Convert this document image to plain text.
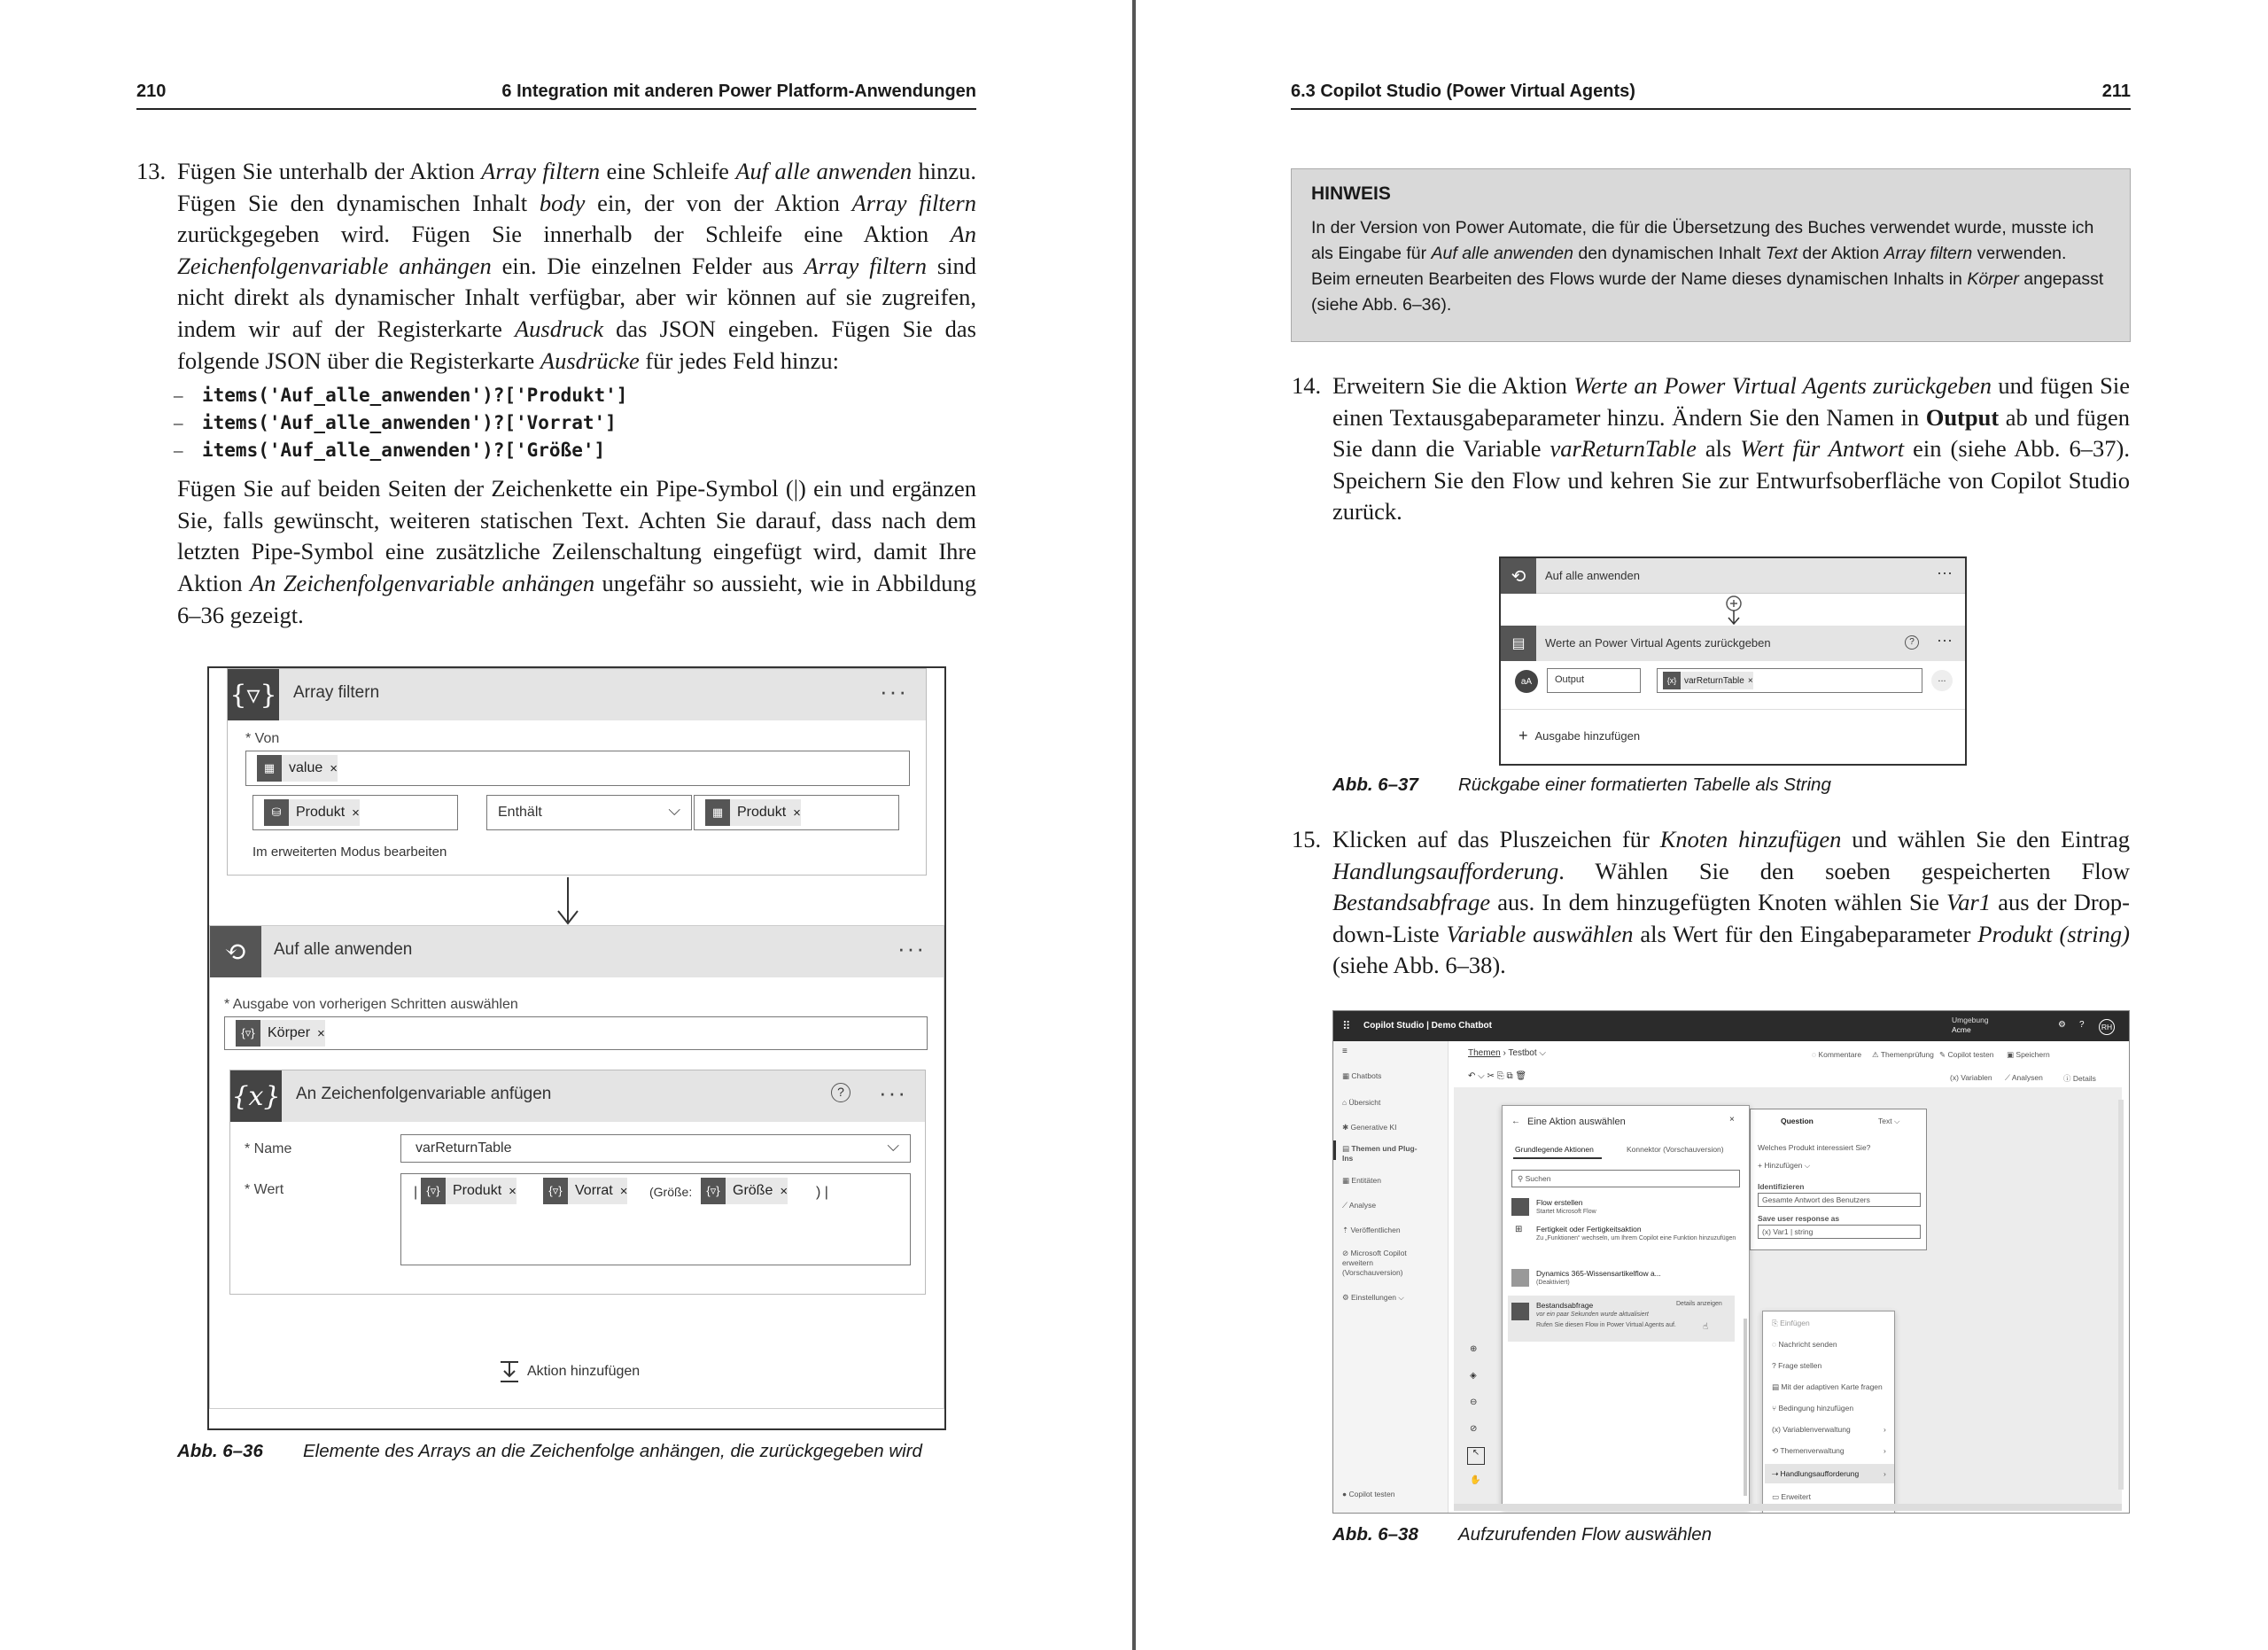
210	6 Integration mit anderen Power Platform-Anwendungen
13. Fügen Sie unterhalb der Aktion Array filtern eine Schleife Auf alle anwenden hinzu. Fügen Sie den dynamischen Inhalt body ein, der von der Aktion Array filtern zurückgegeben wird. Fügen Sie innerhalb der Schleife eine Aktion An Zeichenfolgenvariable anhängen ein. Die einzelnen Felder aus Array filtern sind nicht direkt als dynamischer Inhalt verfügbar, aber wir können auf sie zugreifen, indem wir auf der Registerkarte Ausdruck das JSON eingeben. Fügen Sie das folgende JSON über die Registerkarte Ausdrücke für jedes Feld hinzu:

– items('Auf_alle_anwenden')?['Produkt']
– items('Auf_alle_anwenden')?['Vorrat']
– items('Auf_alle_anwenden')?['Größe']

Fügen Sie auf beiden Seiten der Zeichenkette ein Pipe-Symbol (|) ein und ergänzen Sie, falls gewünscht, weiteren statischen Text. Achten Sie darauf, dass nach dem letzten Pipe-Symbol eine zusätzliche Zeilenschaltung eingefügt wird, damit Ihre Aktion An Zeichenfolgenvariable anhängen ungefähr so aussieht, wie in Abbildung 6–36 gezeigt.

{▿} Array filtern	···
* Von
▦ value ×
⛁	Produkt ×	Enthält	⌵	▦ Produkt ×
Im erweiterten Modus bearbeiten
⟲	Auf alle anwenden	···
* Ausgabe von vorherigen Schritten auswählen
{▿} Körper ×
{x} An Zeichenfolgenvariable anfügen	? ···
* Name	varReturnTable	⌵
* Wert	| {▿} Produkt ×	{▿} Vorrat × (Größe:	{▿} Größe × ) |
Aktion hinzufügen
Abb. 6–36 Elemente des Arrays an die Zeichenfolge anhängen, die zurückgegeben wird
6.3 Copilot Studio (Power Virtual Agents)	211
HINWEIS

In der Version von Power Automate, die für die Übersetzung des Buches verwendet wurde, musste ich als Eingabe für Auf alle anwenden den dynamischen Inhalt Text der Aktion Array filtern verwenden. Beim erneuten Bearbeiten des Flows wurde der Name dieses dynamischen Inhalts in Körper angepasst (siehe Abb. 6–36).

14. Erweitern Sie die Aktion Werte an Power Virtual Agents zurückgeben und fügen Sie einen Textausgabeparameter hinzu. Ändern Sie den Namen in Output ab und fügen Sie dann die Variable varReturnTable als Wert für Antwort ein (siehe Abb. 6–37). Speichern Sie den Flow und kehren Sie zur Entwurfsoberfläche von Copilot Studio zurück.

⟲	Auf alle anwenden	···
▤	Werte an Power Virtual Agents zurückgeben	? ···
aA	Output	{x} varReturnTable ×	...
+ Ausgabe hinzufügen
Abb. 6–37 Rückgabe einer formatierten Tabelle als String
15. Klicken auf das Pluszeichen für Knoten hinzufügen und wählen Sie den Eintrag Handlungsaufforderung. Wählen Sie den soeben gespeicherten Flow Bestandsabfrage aus. In dem hinzugefügten Knoten wählen Sie Var1 aus der Drop-down-Liste Variable auswählen als Wert für den Eingabeparameter Produkt (string) (siehe Abb. 6–38).

⠿ Copilot Studio | Demo Chatbot
Umgebung
Acme	⚙ ?	RH
≡
▦ Chatbots
⌂ Übersicht
✱ Generative KI
▤ Themen und Plug-Ins
▦ Entitäten
⟋ Analyse
⇡ Veröffentlichen
⊘ Microsoft Copilot erweitern (Vorschauversion)
⚙ Einstellungen ⌵
● Copilot testen
Themen › Testbot ⌵	◌ Kommentare ⚠ Themenprüfung ✎ Copilot testen ▣ Speichern
↶ ⌵ ✂ ⎘ ⧉ 🗑	(x) Variablen ⟋ Analysen	ⓘ Details
Question	Text ⌵
Welches Produkt interessiert Sie?
+ Hinzufügen ⌵
Identifizieren
Gesamte Antwort des Benutzers
Save user response as
(x) Var1 | string
← Eine Aktion auswählen	×
Grundlegende Aktionen	Konnektor (Vorschauversion)
⚲ Suchen
Flow erstellen
Startet Microsoft Flow
⊞ Fertigkeit oder Fertigkeitsaktion
Zu „Funktionen“ wechseln, um Ihrem Copilot eine Funktion hinzuzufügen
Dynamics 365-Wissensartikelflow a...
(Deaktiviert)
Bestandsabfrage	Details anzeigen
vor ein paar Sekunden wurde aktualisiert
Rufen Sie diesen Flow in Power Virtual Agents auf.	☝
⊕
◈
⊖
⊘
↖
✋
⎘ Einfügen
◌ Nachricht senden
? Frage stellen
▤ Mit der adaptiven Karte fragen
⑂ Bedingung hinzufügen
(x) Variablenverwaltung	›
⟲ Themenverwaltung	›
⇢ Handlungsaufforderung	›
▭ Erweitert
Abb. 6–38 Aufzurufenden Flow auswählen
